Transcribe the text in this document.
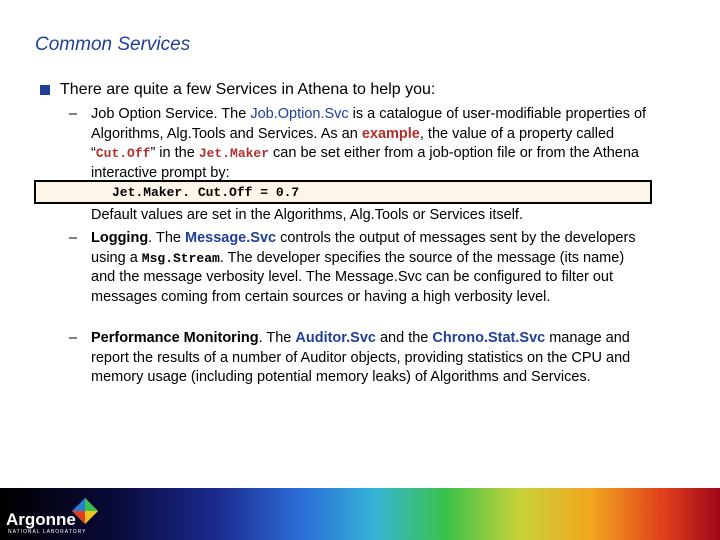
Common Services
There are quite a few Services in Athena to help you:
– Job Option Service. The Job.Option.Svc is a catalogue of user-modifiable properties of Algorithms, Alg.Tools and Services. As an example, the value of a property called “Cut.Off” in the Jet.Maker can be set either from a job-option file or from the Athena interactive prompt by:
Jet.Maker. Cut.Off = 0.7
Default values are set in the Algorithms, Alg.Tools or Services itself.
– Logging. The Message.Svc controls the output of messages sent by the developers using a Msg.Stream. The developer specifies the source of the message (its name) and the message verbosity level. The Message.Svc can be configured to filter out messages coming from certain sources or having a high verbosity level.
– Performance Monitoring. The Auditor.Svc and the Chrono.Stat.Svc manage and report the results of a number of Auditor objects, providing statistics on the CPU and memory usage (including potential memory leaks) of Algorithms and Services.
Argonne
NATIONAL LABORATORY
